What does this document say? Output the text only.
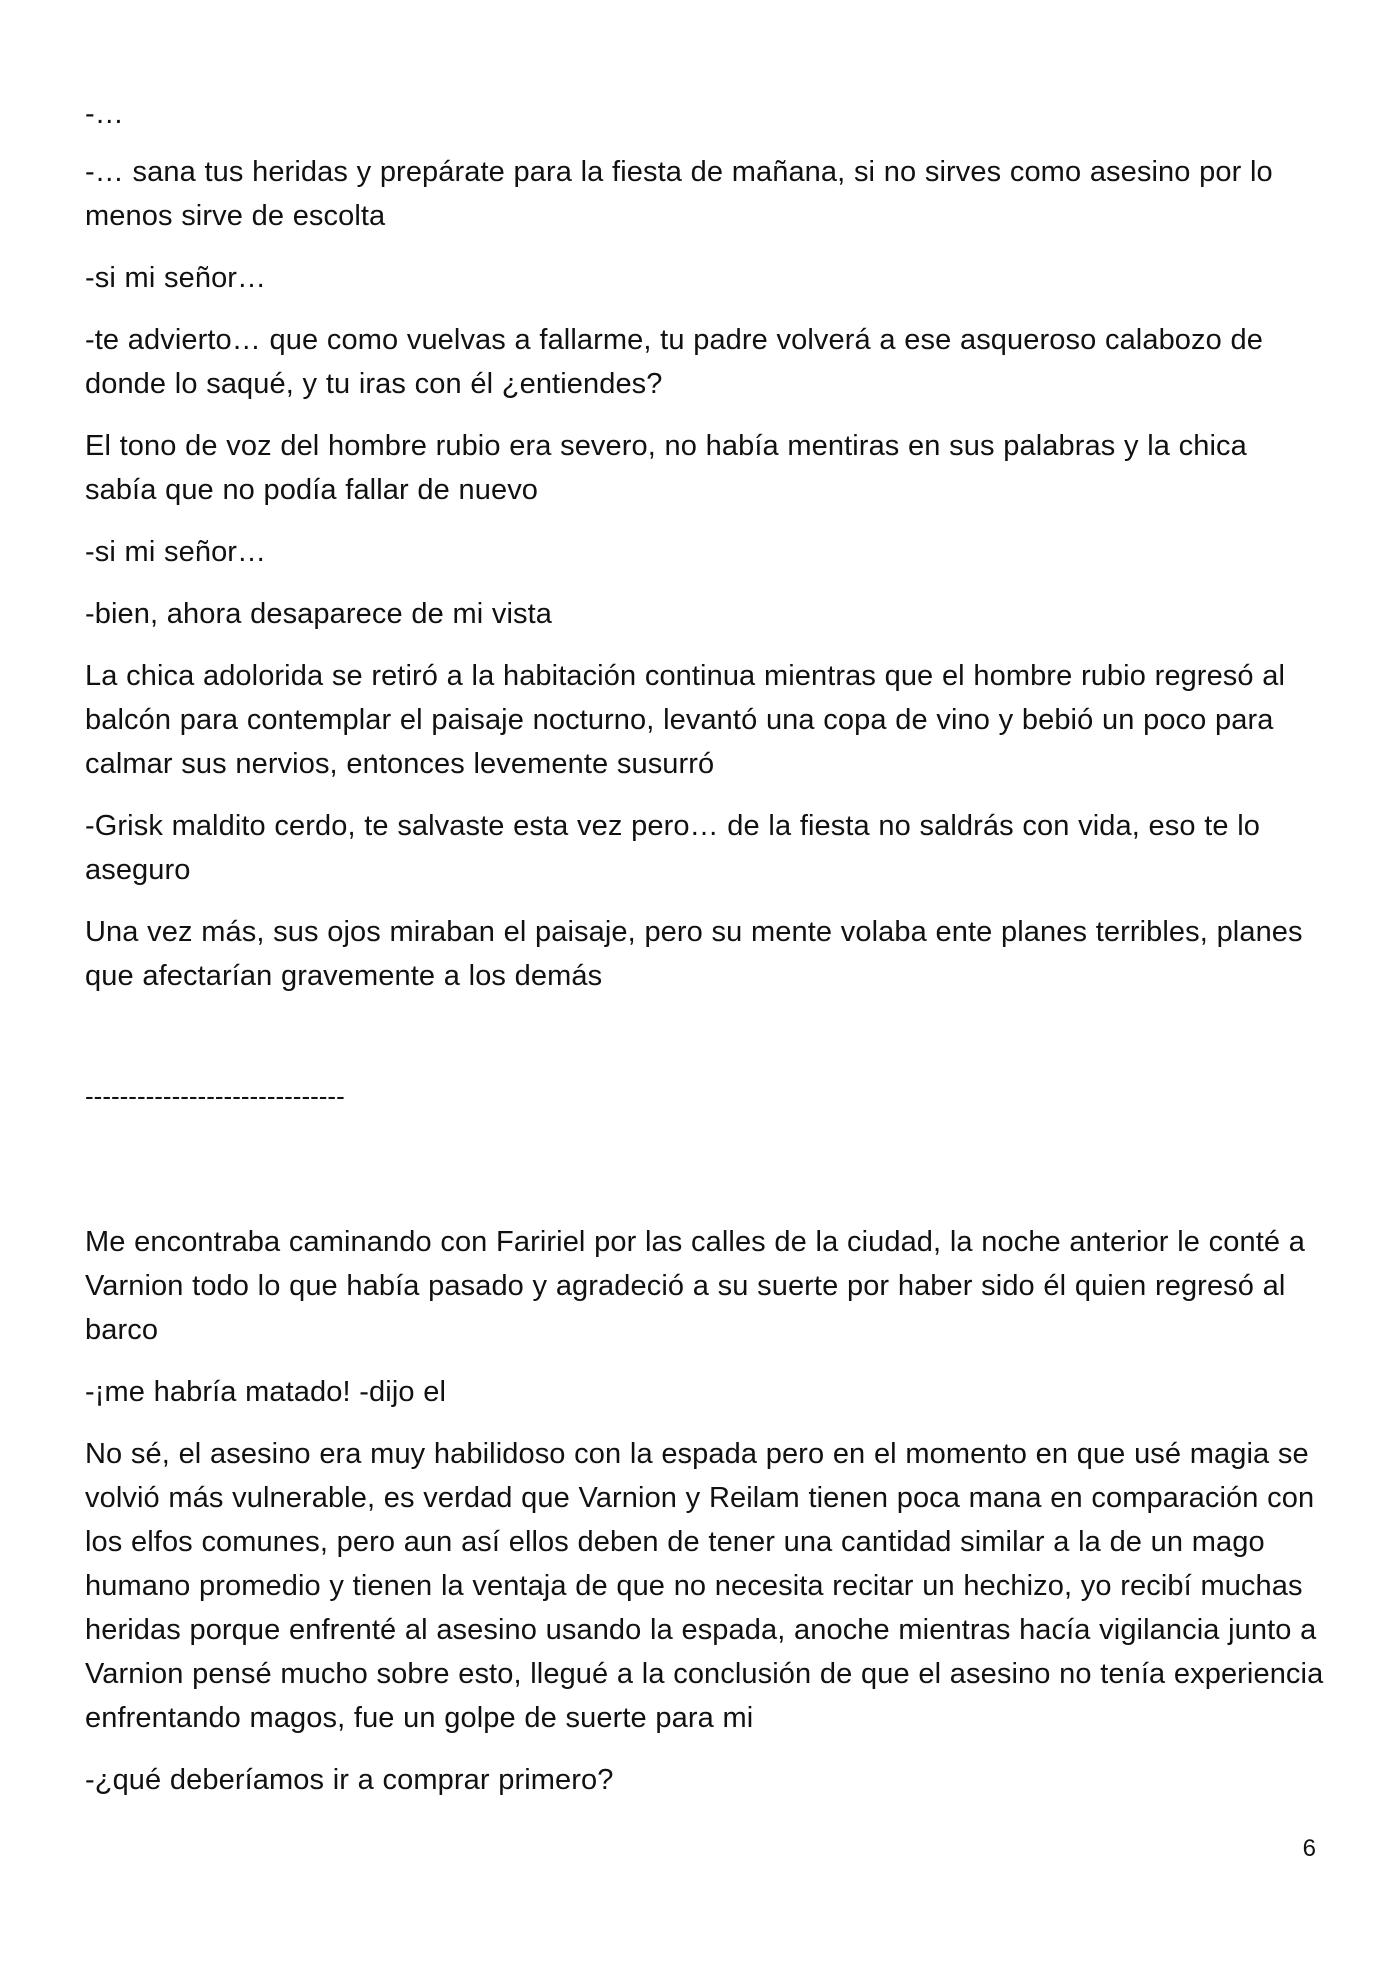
-…

-… sana tus heridas y prepárate para la fiesta de mañana, si no sirves como asesino por lo menos sirve de escolta

-si mi señor…

-te advierto… que como vuelvas a fallarme, tu padre volverá a ese asqueroso calabozo de donde lo saqué, y tu iras con él ¿entiendes?

El tono de voz del hombre rubio era severo, no había mentiras en sus palabras y la chica sabía que no podía fallar de nuevo

-si mi señor…

-bien, ahora desaparece de mi vista

La chica adolorida se retiró a la habitación continua mientras que el hombre rubio regresó al balcón para contemplar el paisaje nocturno, levantó una copa de vino y bebió un poco para calmar sus nervios, entonces levemente susurró

-Grisk maldito cerdo, te salvaste esta vez pero… de la fiesta no saldrás con vida, eso te lo aseguro

Una vez más, sus ojos miraban el paisaje, pero su mente volaba ente planes terribles, planes que afectarían gravemente a los demás

------------------------------

Me encontraba caminando con Faririel por las calles de la ciudad, la noche anterior le conté a Varnion todo lo que había pasado y agradeció a su suerte por haber sido él quien regresó al barco

-¡me habría matado! -dijo el

No sé, el asesino era muy habilidoso con la espada pero en el momento en que usé magia se volvió más vulnerable, es verdad que Varnion y Reilam tienen poca mana en comparación con los elfos comunes, pero aun así ellos deben de tener una cantidad similar a la de un mago humano promedio y tienen la ventaja de que no necesita recitar un hechizo, yo recibí muchas heridas porque enfrenté al asesino usando la espada, anoche mientras hacía vigilancia junto a Varnion pensé mucho sobre esto, llegué a la conclusión de que el asesino no tenía experiencia enfrentando magos, fue un golpe de suerte para mi

-¿qué deberíamos ir a comprar primero?

6
